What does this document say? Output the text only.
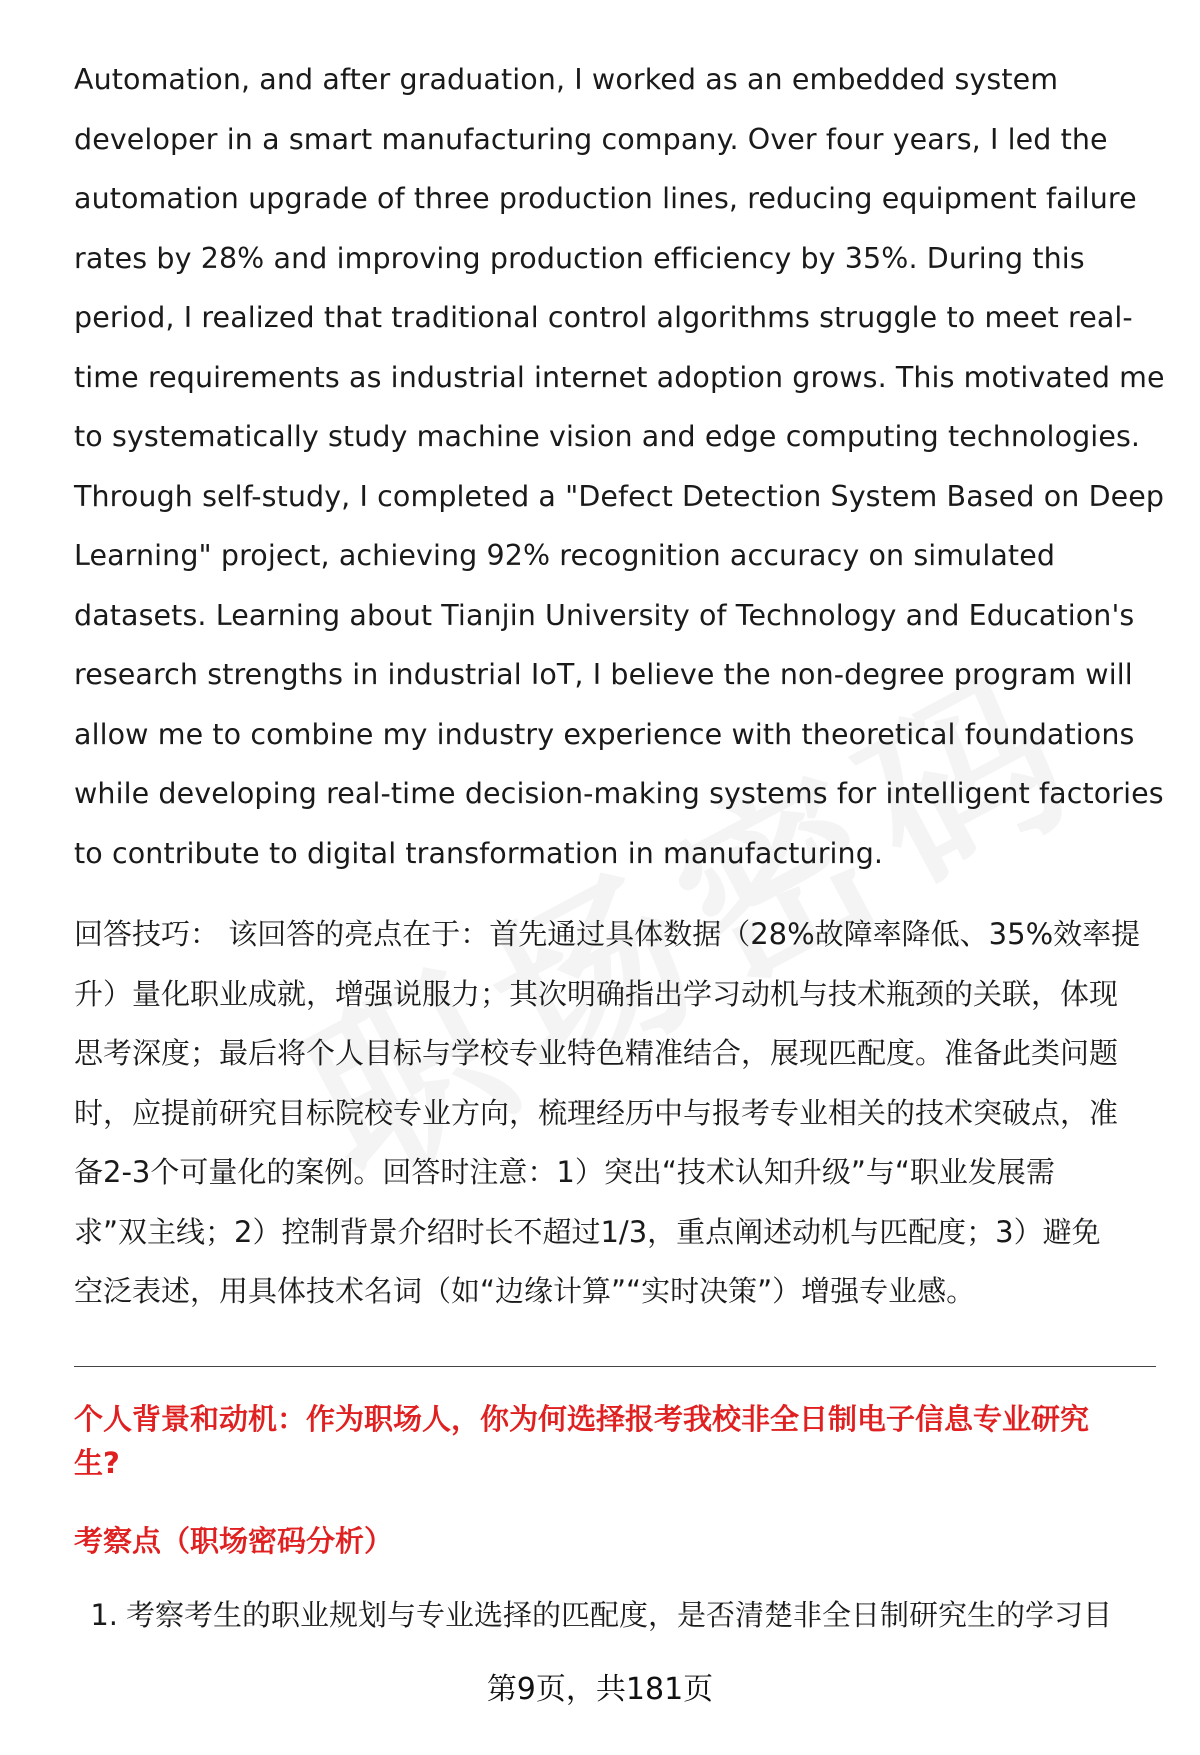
Automation, and after graduation, I worked as an embedded system
developer in a smart manufacturing company. Over four years, I led the
automation upgrade of three production lines, reducing equipment failure
rates by 28% and improving production efficiency by 35%. During this
period, I realized that traditional control algorithms struggle to meet real-
time requirements as industrial internet adoption grows. This motivated me
to systematically study machine vision and edge computing technologies.
Through self-study, I completed a "Defect Detection System Based on Deep
Learning" project, achieving 92% recognition accuracy on simulated
datasets. Learning about Tianjin University of Technology and Education's
research strengths in industrial IoT, I believe the non-degree program will
allow me to combine my industry experience with theoretical foundations
while developing real-time decision-making systems for intelligent factories
to contribute to digital transformation in manufacturing.
回答技巧： 该回答的亮点在于：首先通过具体数据（28%故障率降低、35%效率提
升）量化职业成就，增强说服力；其次明确指出学习动机与技术瓶颈的关联，体现
思考深度；最后将个人目标与学校专业特色精准结合，展现匹配度。准备此类问题
时，应提前研究目标院校专业方向，梳理经历中与报考专业相关的技术突破点，准
备2-3个可量化的案例。回答时注意：1）突出“技术认知升级”与“职业发展需
求”双主线；2）控制背景介绍时长不超过1/3，重点阐述动机与匹配度；3）避免
空泛表述，用具体技术名词（如“边缘计算”“实时决策”）增强专业感。
个人背景和动机：作为职场人，你为何选择报考我校非全日制电子信息专业研究
生?
考察点（职场密码分析）
1. 考察考生的职业规划与专业选择的匹配度，是否清楚非全日制研究生的学习目
第9页，共181页
